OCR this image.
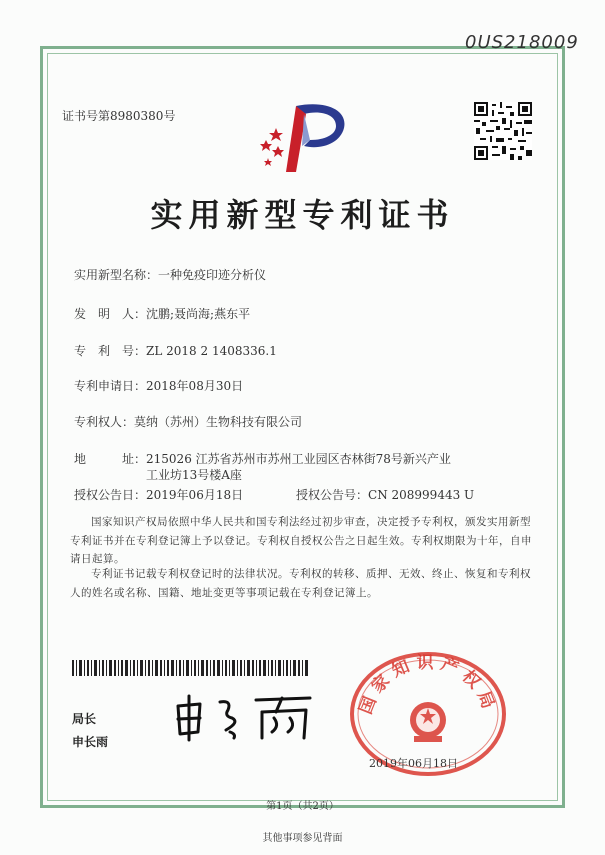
0US218009
证书号第8980380号
实用新型专利证书
实用新型名称：一种免疫印迹分析仪
发　明　人：沈鹏;聂尚海;燕东平
专　利　号：ZL 2018 2 1408336.1
专利申请日：2018年08月30日
专利权人：莫纳（苏州）生物科技有限公司
地　　　址：215026 江苏省苏州市苏州工业园区杏林街78号新兴产业
工业坊13号楼A座
授权公告日：2019年06月18日	授权公告号：CN 208999443 U
国家知识产权局依照中华人民共和国专利法经过初步审查，决定授予专利权，颁发实用新型专利证书并在专利登记簿上予以登记。专利权自授权公告之日起生效。专利权期限为十年，自申请日起算。
专利证书记载专利权登记时的法律状况。专利权的转移、质押、无效、终止、恢复和专利权人的姓名或名称、国籍、地址变更等事项记载在专利登记簿上。
局长
申长雨
国家知识产权局
2019年06月18日
第1页（共2页）
其他事项参见背面
